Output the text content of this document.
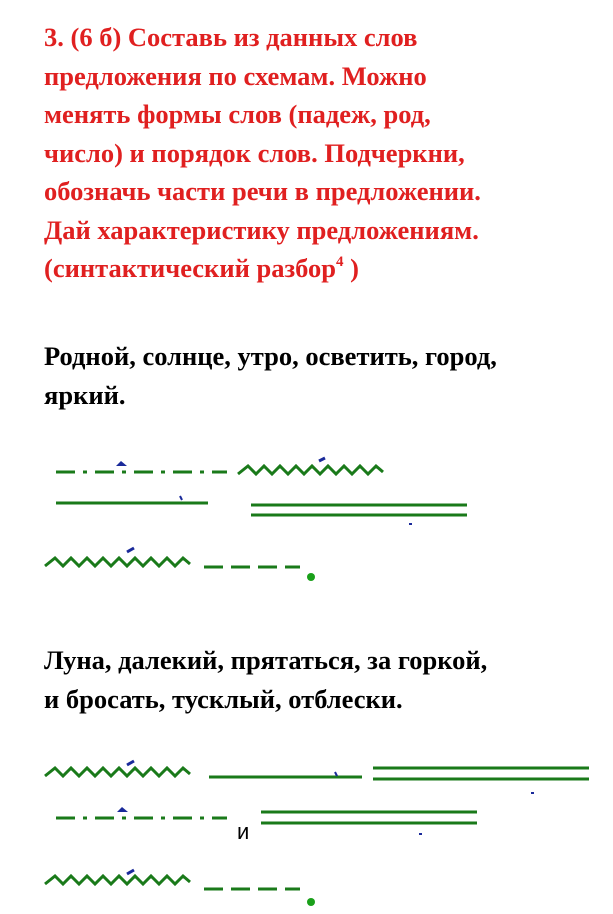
3. (6 б) Составь из данных слов
предложения по схемам. Можно
менять формы слов (падеж, род,
число) и порядок слов. Подчеркни,
обозначь части речи в предложении.
Дай характеристику предложениям.
(синтактический разбор$^4$ )
Родной, солнце, утро, осветить, город,
яркий.
Луна, далекий, прятаться, за горкой,
и бросать, тусклый, отблески.
и
